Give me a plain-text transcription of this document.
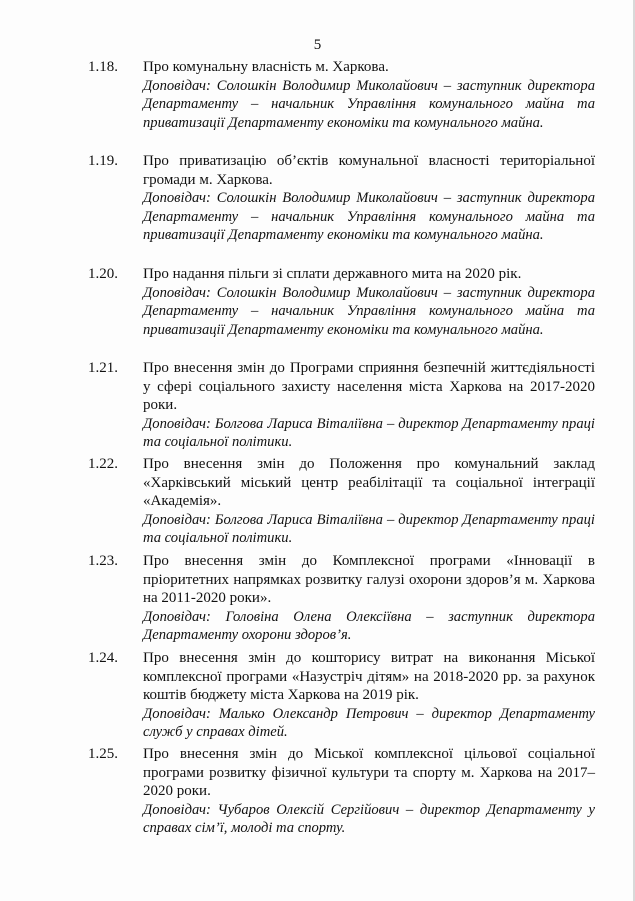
5
1.18. Про комунальну власність м. Харкова.

Доповідач: Солошкін Володимир Миколайович – заступник директора Департаменту – начальник Управління комунального майна та приватизації Департаменту економіки та комунального майна.

1.19. Про приватизацію об’єктів комунальної власності територіальної громади м. Харкова.

Доповідач: Солошкін Володимир Миколайович – заступник директора Департаменту – начальник Управління комунального майна та приватизації Департаменту економіки та комунального майна.

1.20. Про надання пільги зі сплати державного мита на 2020 рік.

Доповідач: Солошкін Володимир Миколайович – заступник директора Департаменту – начальник Управління комунального майна та приватизації Департаменту економіки та комунального майна.

1.21. Про внесення змін до Програми сприяння безпечній життєдіяльності у сфері соціального захисту населення міста Харкова на 2017-2020 роки.

Доповідач: Болгова Лариса Віталіївна – директор Департаменту праці та соціальної політики.

1.22. Про внесення змін до Положення про комунальний заклад «Харківський міський центр реабілітації та соціальної інтеграції «Академія».

Доповідач: Болгова Лариса Віталіївна – директор Департаменту праці та соціальної політики.

1.23. Про внесення змін до Комплексної програми «Інновації в пріоритетних напрямках розвитку галузі охорони здоров’я м. Харкова на 2011-2020 роки».

Доповідач: Головіна Олена Олексіївна – заступник директора Департаменту охорони здоров’я.

1.24. Про внесення змін до кошторису витрат на виконання Міської комплексної програми «Назустріч дітям» на 2018-2020 рр. за рахунок коштів бюджету міста Харкова на 2019 рік.

Доповідач: Малько Олександр Петрович – директор Департаменту служб у справах дітей.

1.25. Про внесення змін до Міської комплексної цільової соціальної програми розвитку фізичної культури та спорту м. Харкова на 2017–2020 роки.

Доповідач: Чубаров Олексій Сергійович – директор Департаменту у справах сім’ї, молоді та спорту.
